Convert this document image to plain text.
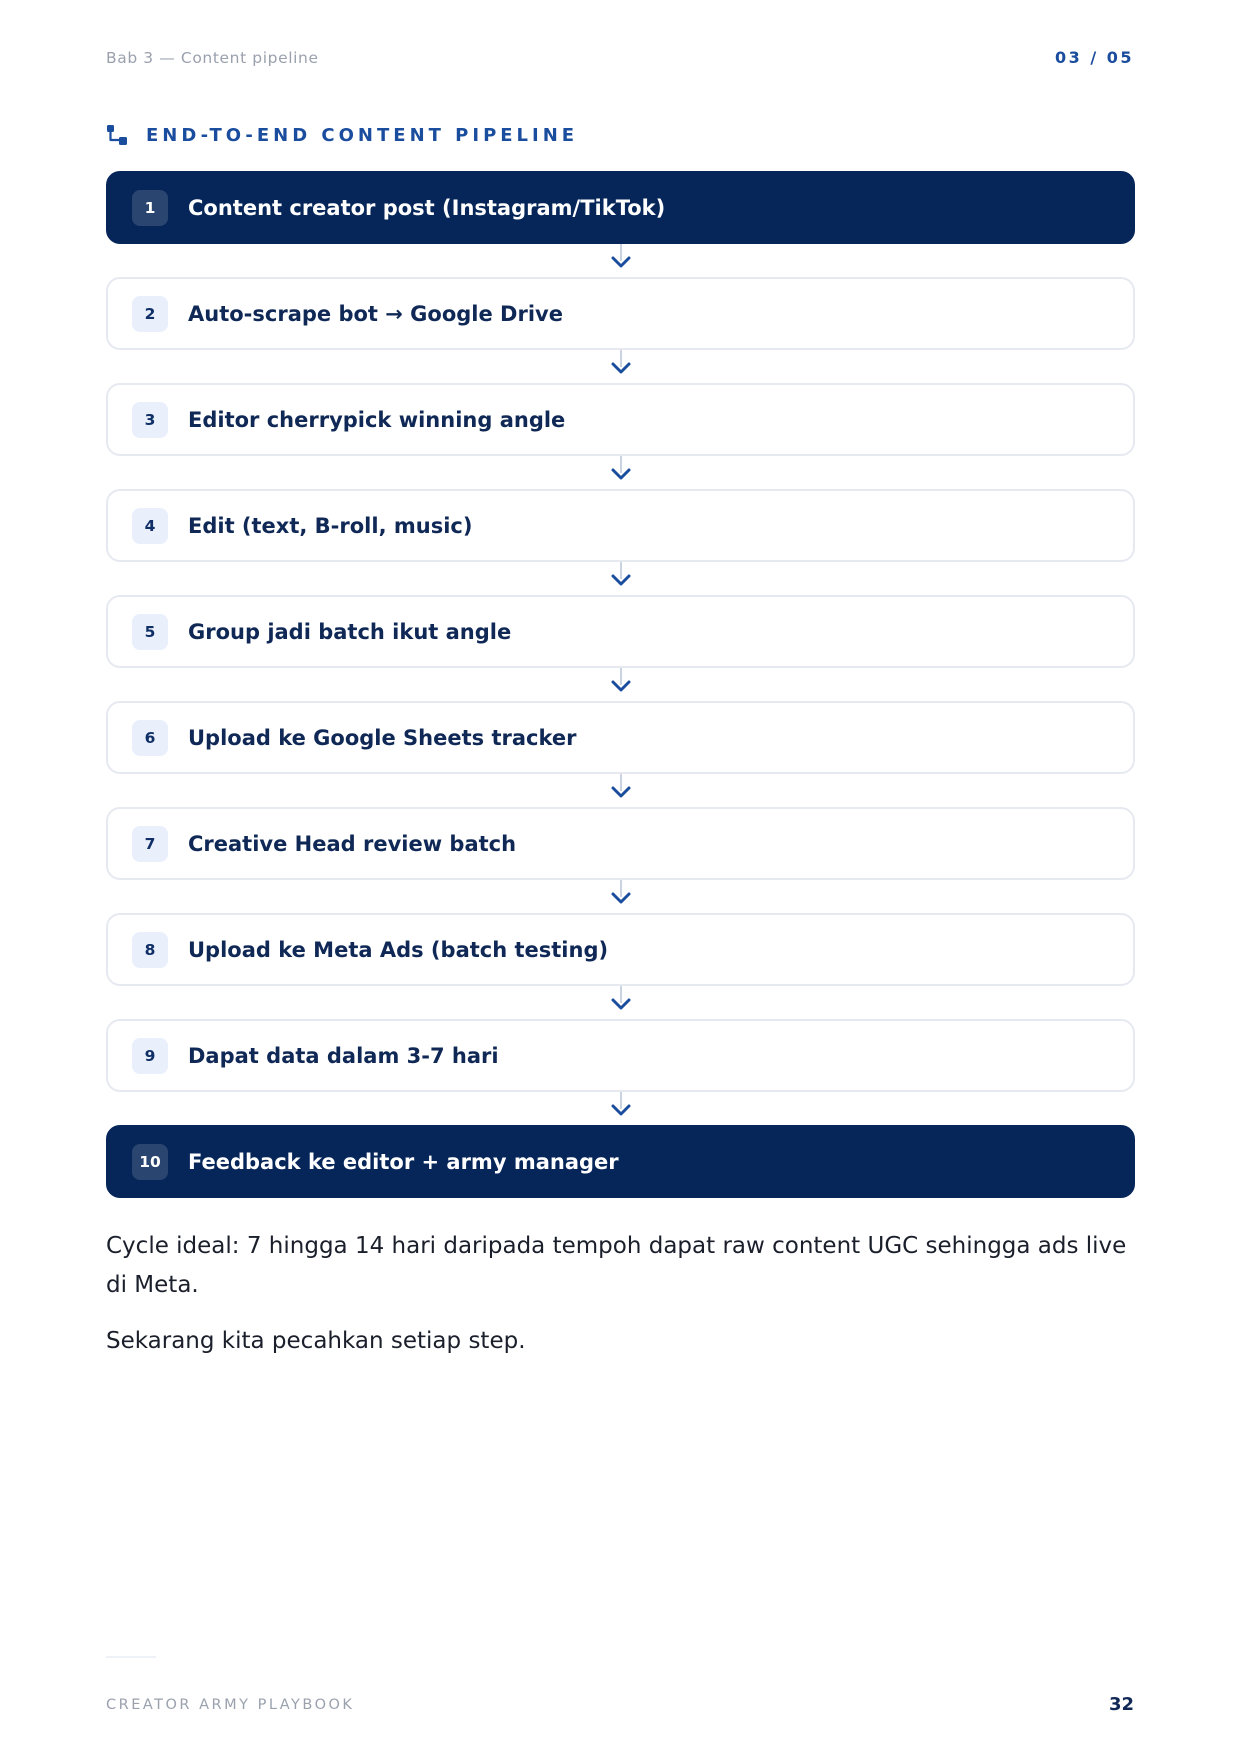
Bab 3 — Content pipeline	03 / 05
END-TO-END CONTENT PIPELINE
1	Content creator post (Instagram/TikTok)
2	Auto-scrape bot → Google Drive
3	Editor cherrypick winning angle
4	Edit (text, B-roll, music)
5	Group jadi batch ikut angle
6	Upload ke Google Sheets tracker
7	Creative Head review batch
8	Upload ke Meta Ads (batch testing)
9	Dapat data dalam 3-7 hari
10	Feedback ke editor + army manager

Cycle ideal: 7 hingga 14 hari daripada tempoh dapat raw content UGC sehingga ads live di Meta.

Sekarang kita pecahkan setiap step.

CREATOR ARMY PLAYBOOK	32
